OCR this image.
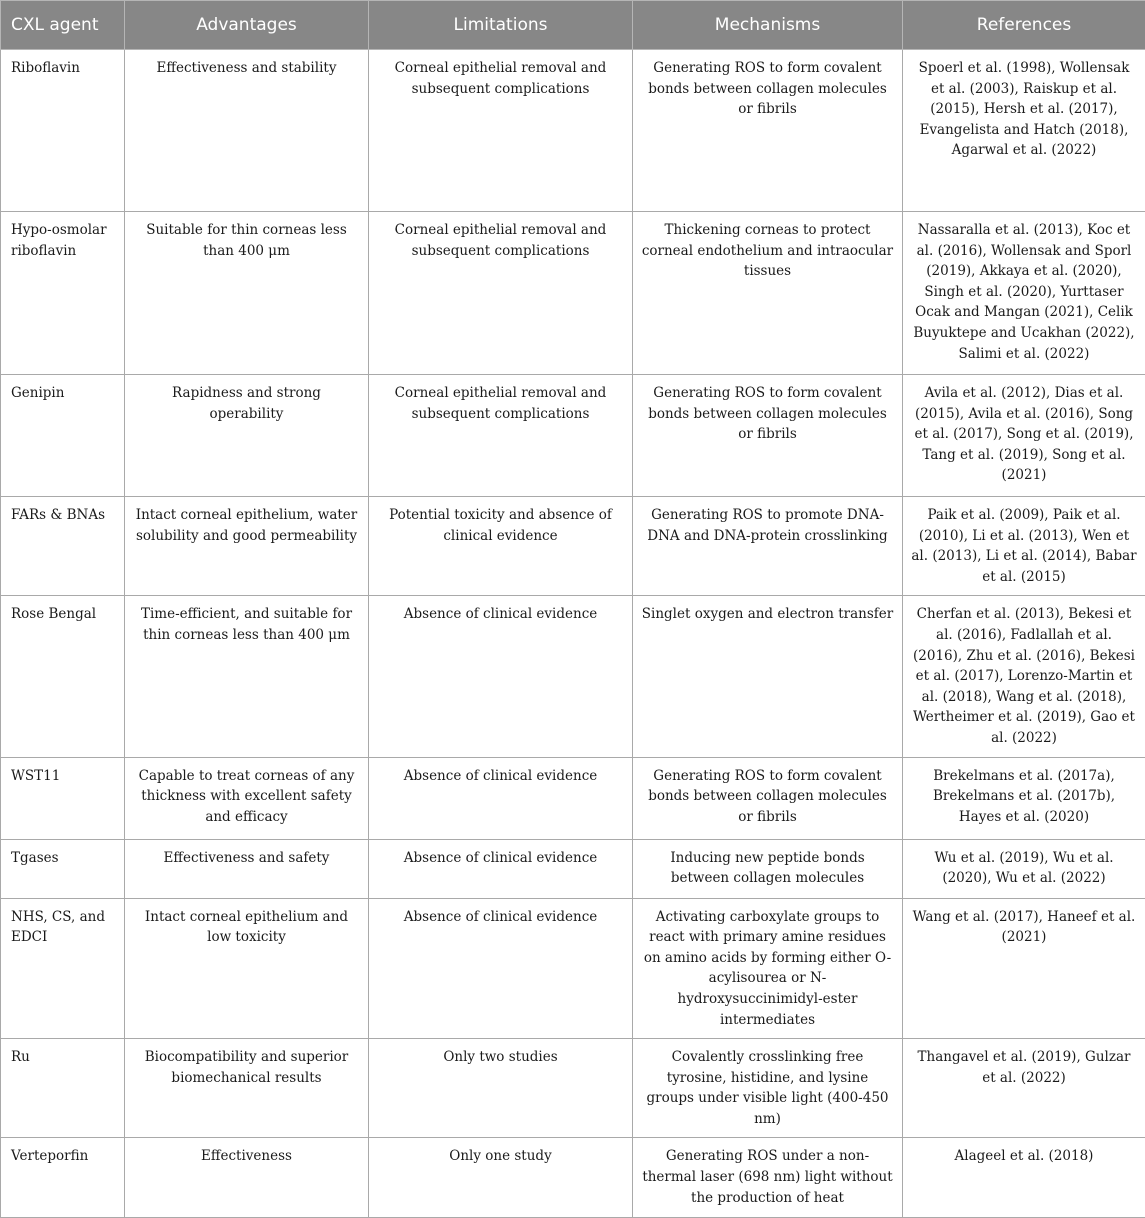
CXL agent	Advantages	Limitations	Mechanisms	References
Riboflavin	Effectiveness and stability	Corneal epithelial removal and subsequent complications	Generating ROS to form covalent bonds between collagen molecules or fibrils	Spoerl et al. (1998), Wollensak et al. (2003), Raiskup et al. (2015), Hersh et al. (2017), Evangelista and Hatch (2018), Agarwal et al. (2022)
Hypo-osmolar riboflavin	Suitable for thin corneas less than 400 μm	Corneal epithelial removal and subsequent complications	Thickening corneas to protect corneal endothelium and intraocular tissues	Nassaralla et al. (2013), Koc et al. (2016), Wollensak and Sporl (2019), Akkaya et al. (2020), Singh et al. (2020), Yurttaser Ocak and Mangan (2021), Celik Buyuktepe and Ucakhan (2022), Salimi et al. (2022)
Genipin	Rapidness and strong operability	Corneal epithelial removal and subsequent complications	Generating ROS to form covalent bonds between collagen molecules or fibrils	Avila et al. (2012), Dias et al. (2015), Avila et al. (2016), Song et al. (2017), Song et al. (2019), Tang et al. (2019), Song et al. (2021)
FARs & BNAs	Intact corneal epithelium, water solubility and good permeability	Potential toxicity and absence of clinical evidence	Generating ROS to promote DNA-DNA and DNA-protein crosslinking	Paik et al. (2009), Paik et al. (2010), Li et al. (2013), Wen et al. (2013), Li et al. (2014), Babar et al. (2015)
Rose Bengal	Time-efficient, and suitable for thin corneas less than 400 μm	Absence of clinical evidence	Singlet oxygen and electron transfer	Cherfan et al. (2013), Bekesi et al. (2016), Fadlallah et al. (2016), Zhu et al. (2016), Bekesi et al. (2017), Lorenzo-Martin et al. (2018), Wang et al. (2018), Wertheimer et al. (2019), Gao et al. (2022)
WST11	Capable to treat corneas of any thickness with excellent safety and efficacy	Absence of clinical evidence	Generating ROS to form covalent bonds between collagen molecules or fibrils	Brekelmans et al. (2017a), Brekelmans et al. (2017b), Hayes et al. (2020)
Tgases	Effectiveness and safety	Absence of clinical evidence	Inducing new peptide bonds between collagen molecules	Wu et al. (2019), Wu et al. (2020), Wu et al. (2022)
NHS, CS, and EDCI	Intact corneal epithelium and low toxicity	Absence of clinical evidence	Activating carboxylate groups to react with primary amine residues on amino acids by forming either O-acylisourea or N-hydroxysuccinimidyl-ester intermediates	Wang et al. (2017), Haneef et al. (2021)
Ru	Biocompatibility and superior biomechanical results	Only two studies	Covalently crosslinking free tyrosine, histidine, and lysine groups under visible light (400-450 nm)	Thangavel et al. (2019), Gulzar et al. (2022)
Verteporfin	Effectiveness	Only one study	Generating ROS under a non-thermal laser (698 nm) light without the production of heat	Alageel et al. (2018)
